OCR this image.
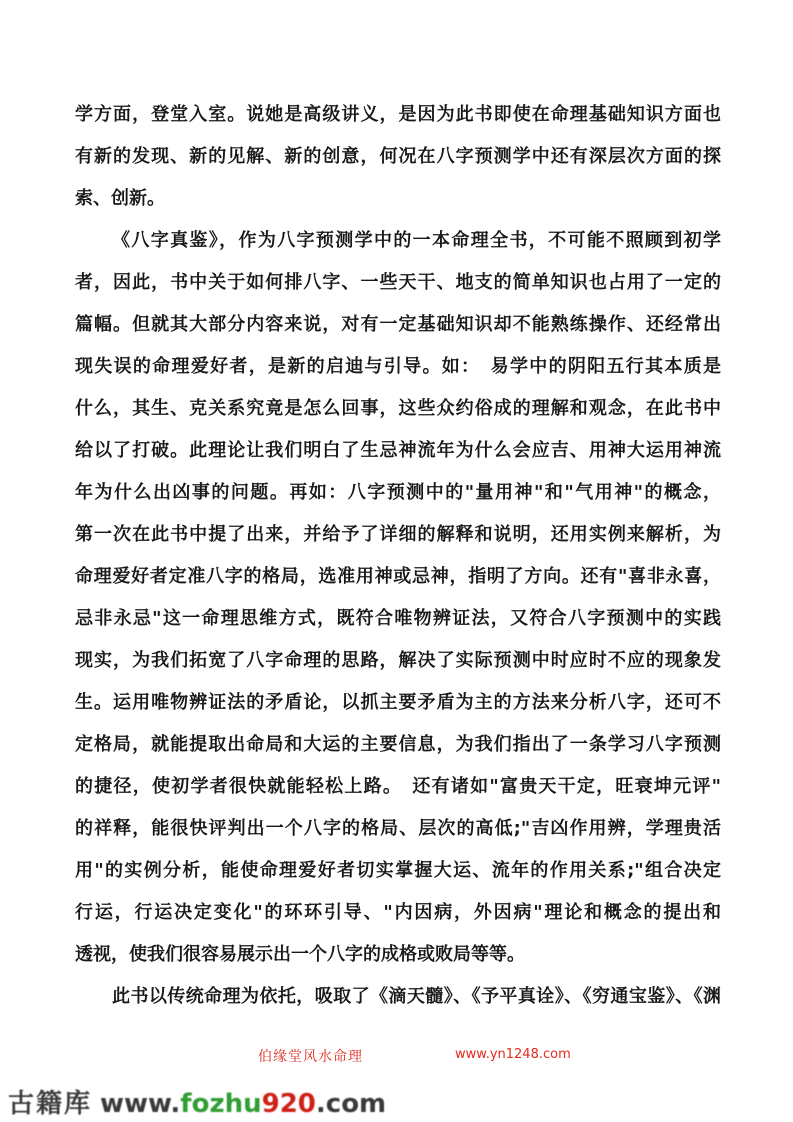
学方面，登堂入室。说她是高级讲义，是因为此书即使在命理基础知识方面也
有新的发现、新的见解、新的创意，何况在八字预测学中还有深层次方面的探
索、创新。
《八字真鉴》，作为八字预测学中的一本命理全书，不可能不照顾到初学
者，因此，书中关于如何排八字、一些天干、地支的简单知识也占用了一定的
篇幅。但就其大部分内容来说，对有一定基础知识却不能熟练操作、还经常出
现失误的命理爱好者，是新的启迪与引导。如：　易学中的阴阳五行其本质是
什么，其生、克关系究竟是怎么回事，这些众约俗成的理解和观念，在此书中
给以了打破。此理论让我们明白了生忌神流年为什么会应吉、用神大运用神流
年为什么出凶事的问题。再如：八字预测中的"量用神"和"气用神"的概念，
第一次在此书中提了出来，并给予了详细的解释和说明，还用实例来解析，为
命理爱好者定准八字的格局，选准用神或忌神，指明了方向。还有"喜非永喜，
忌非永忌"这一命理思维方式，既符合唯物辨证法，又符合八字预测中的实践
现实，为我们拓宽了八字命理的思路，解决了实际预测中时应时不应的现象发
生。运用唯物辨证法的矛盾论，以抓主要矛盾为主的方法来分析八字，还可不
定格局，就能提取出命局和大运的主要信息，为我们指出了一条学习八字预测
的捷径，使初学者很快就能轻松上路。　还有诸如"富贵天干定，旺衰坤元评"
的祥释，能很快评判出一个八字的格局、层次的高低;"吉凶作用辨，学理贵活
用"的实例分析，能使命理爱好者切实掌握大运、流年的作用关系;"组合决定
行运，行运决定变化"的环环引导、"内因病，外因病"理论和概念的提出和
透视，使我们很容易展示出一个八字的成格或败局等等。
此书以传统命理为依托，吸取了《滴天髓》、《予平真诠》、《穷通宝鉴》、《渊
伯缘堂风水命理	www.yn1248.com
古籍库 www.fozhu920.com
